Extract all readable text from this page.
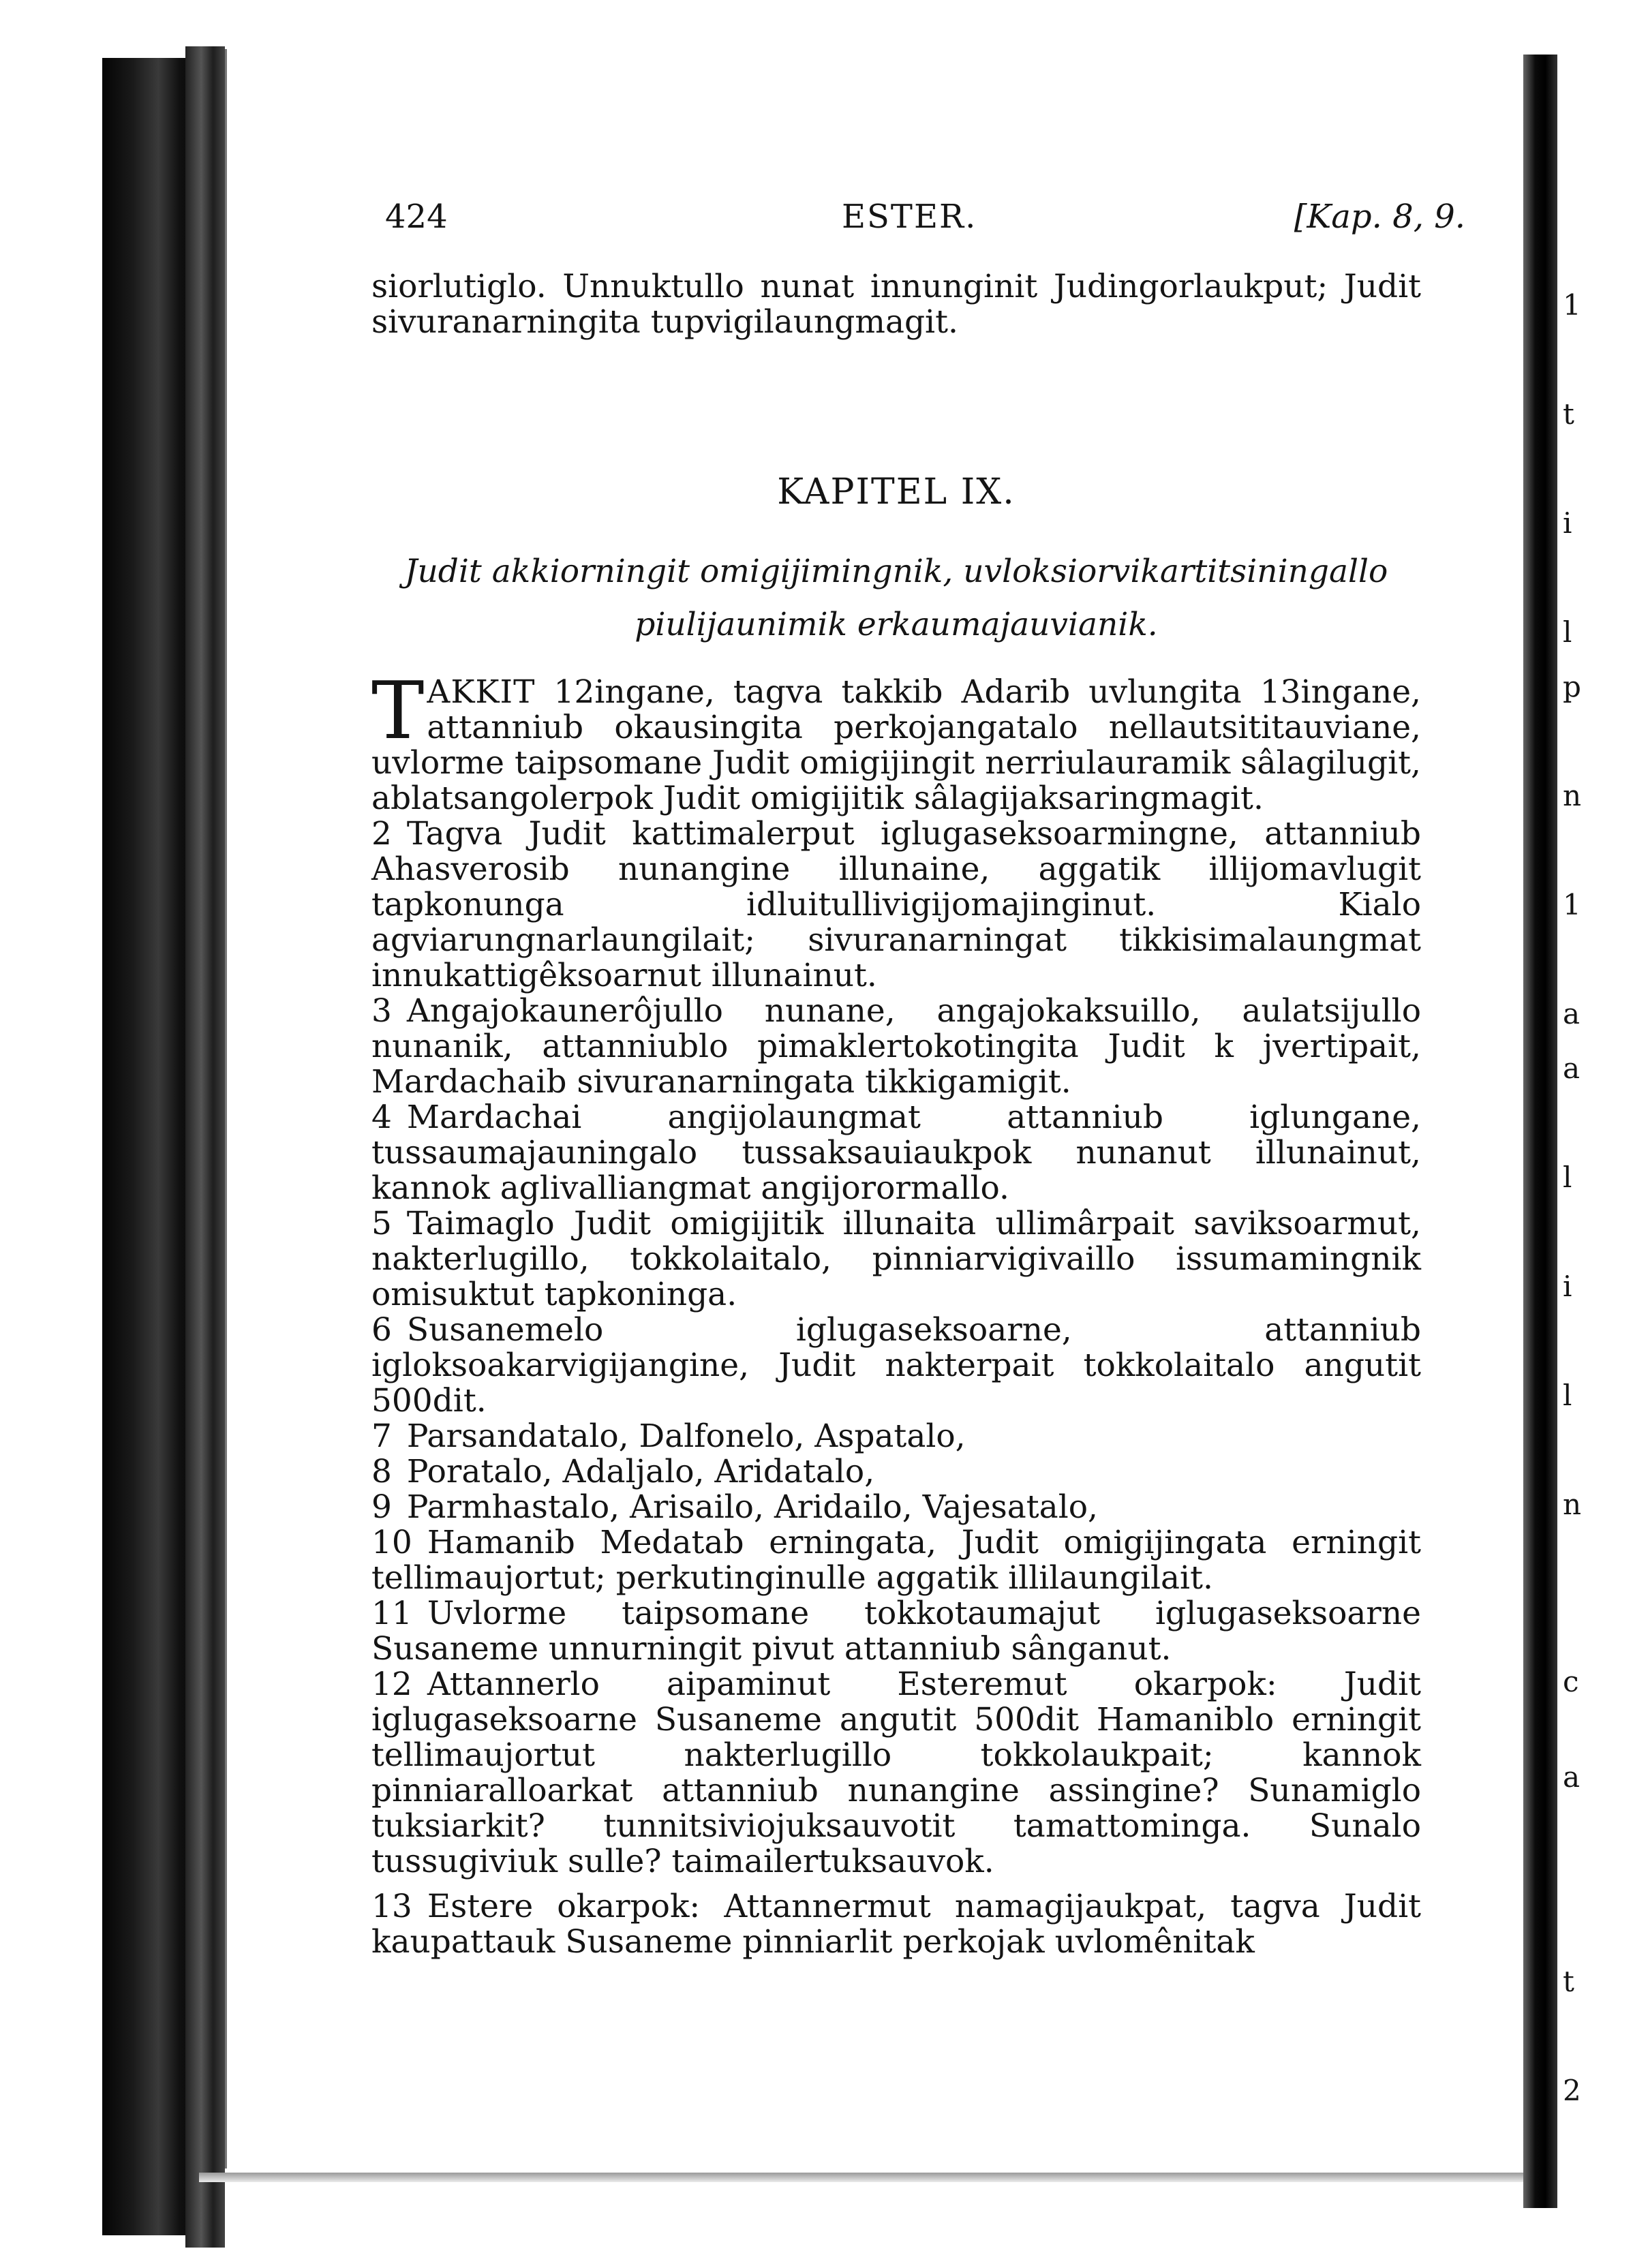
1
t
i
l
p
n
1
a
a
l
i
l
n
c
a
t
2
424	ESTER.	[Kap. 8, 9.

siorlutiglo. Unnuktullo nunat innunginit Judingorlaukput; Judit sivuranarningita tupvigilaungmagit.

KAPITEL IX.
Judit akkiorningit omigijimingnik, uvloksiorvikartitsiningallo
piulijaunimik erkaumajauvianik.

TAKKIT 12ingane, tagva takkib Adarib uvlungita 13ingane, attanniub okausingita perkojangatalo nellautsititauviane, uvlorme taipsomane Judit omigijingit nerriulauramik sâlagilugit, ablatsangolerpok Judit omigijitik sâlagijaksaringmagit.

2 Tagva Judit kattimalerput iglugaseksoarmingne, attanniub Ahasverosib nunangine illunaine, aggatik illijomavlugit tapkonunga idluitullivigijomajinginut. Kialo agviarungnarlaungilait; sivuranarningat tikkisimalaungmat innukattigêksoarnut illunainut.

3 Angajokaunerôjullo nunane, angajokaksuillo, aulatsijullo nunanik, attanniublo pimaklertokotingita Judit k jvertipait, Mardachaib sivuranarningata tikkigamigit.

4 Mardachai angijolaungmat attanniub iglungane, tussaumajauningalo tussaksauiaukpok nunanut illunainut, kannok aglivalliangmat angijorormallo.

5 Taimaglo Judit omigijitik illunaita ullimârpait saviksoarmut, nakterlugillo, tokkolaitalo, pinniarvigivaillo issumamingnik omisuktut tapkoninga.

6 Susanemelo iglugaseksoarne, attanniub igloksoakarvigijangine, Judit nakterpait tokkolaitalo angutit 500dit.

7 Parsandatalo, Dalfonelo, Aspatalo,

8 Poratalo, Adaljalo, Aridatalo,

9 Parmhastalo, Arisailo, Aridailo, Vajesatalo,

10 Hamanib Medatab erningata, Judit omigijingata erningit tellimaujortut; perkutinginulle aggatik illilaungilait.

11 Uvlorme taipsomane tokkotaumajut iglugaseksoarne Susaneme unnurningit pivut attanniub sânganut.

12 Attannerlo aipaminut Esteremut okarpok: Judit iglugaseksoarne Susaneme angutit 500dit Hamaniblo erningit tellimaujortut nakterlugillo tokkolaukpait; kannok pinniaralloarkat attanniub nunangine assingine? Sunamiglo tuksiarkit? tunnitsiviojuksauvotit tamattominga. Sunalo tussugiviuk sulle? taimailertuksauvok.

13 Estere okarpok: Attannermut namagijaukpat, tagva Judit kaupattauk Susaneme pinniarlit perkojak uvlomênitak
